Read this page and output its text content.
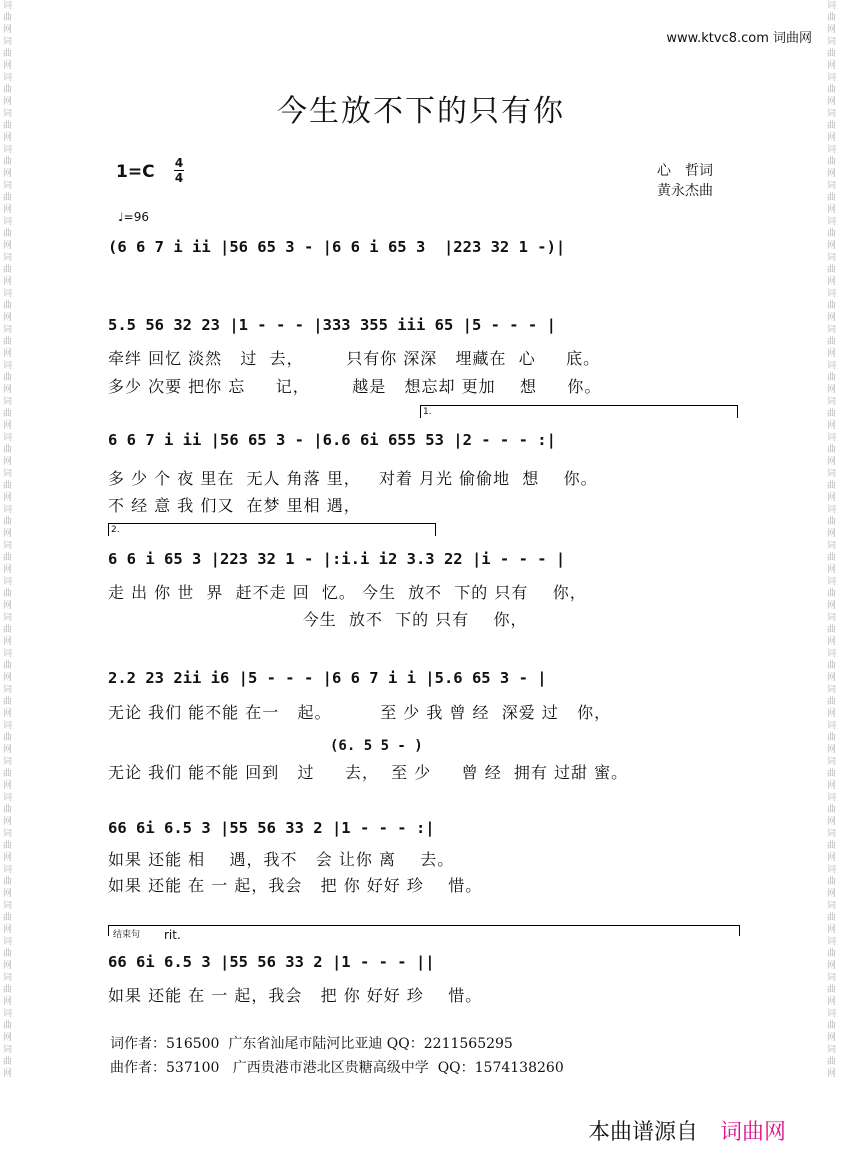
词曲网词曲网词曲网词曲网词曲网词曲网词曲网词曲网词曲网词曲网词曲网词曲网词曲网词曲网词曲网词曲网词曲网词曲网词曲网词曲网词曲网词曲网词曲网词曲网词曲网词曲网词曲网词曲网词曲网词曲网
词曲网词曲网词曲网词曲网词曲网词曲网词曲网词曲网词曲网词曲网词曲网词曲网词曲网词曲网词曲网词曲网词曲网词曲网词曲网词曲网词曲网词曲网词曲网词曲网词曲网词曲网词曲网词曲网词曲网词曲网
www.ktvc8.com 词曲网
今生放不下的只有你
1=C 4
4	心　哲词
黄永杰曲
♩=96
(6 6 7 i ii |56 65 3 - |6 6 i 65 3  |223 32 1 -)|
5.5 56 32 23 |1 - - - |333 355 iii 65 |5 - - - |
牵绊 回忆 淡然   过  去，       只有你 深深   埋藏在  心     底。
多少 次要 把你 忘     记，       越是   想忘却 更加    想     你。
1.
6 6 7 i ii |56 65 3 - |6.6 6i 655 53 |2 - - - :|
多 少 个 夜 里在  无人 角落 里，   对着 月光 偷偷地  想    你。
不 经 意 我 们又  在梦 里相 遇，
2.
6 6 i 65 3 |223 32 1 - |:i.i i2 3.3 22 |i - - - |
走 出 你 世  界  赶不走 回  忆。 今生  放不  下的 只有    你，
今生  放不  下的 只有    你，
2.2 23 2ii i6 |5 - - - |6 6 7 i i |5.6 65 3 - |
无论 我们 能不能 在一   起。        至 少 我 曾 经  深爱 过   你，
(6. 5 5 - )
无论 我们 能不能 回到   过     去，  至 少     曾 经  拥有 过甜 蜜。
66 6i 6.5 3 |55 56 33 2 |1 - - - :|
如果 还能 相    遇，我不   会 让你 离    去。
如果 还能 在 一 起，我会   把 你 好好 珍    惜。
结束句 rit.
66 6i 6.5 3 |55 56 33 2 |1 - - - ||
如果 还能 在 一 起，我会   把 你 好好 珍    惜。
词作者：516500  广东省汕尾市陆河比亚迪 QQ：2211565295
曲作者：537100   广西贵港市港北区贵糖高级中学  QQ：1574138260
本曲谱源自 词曲网
